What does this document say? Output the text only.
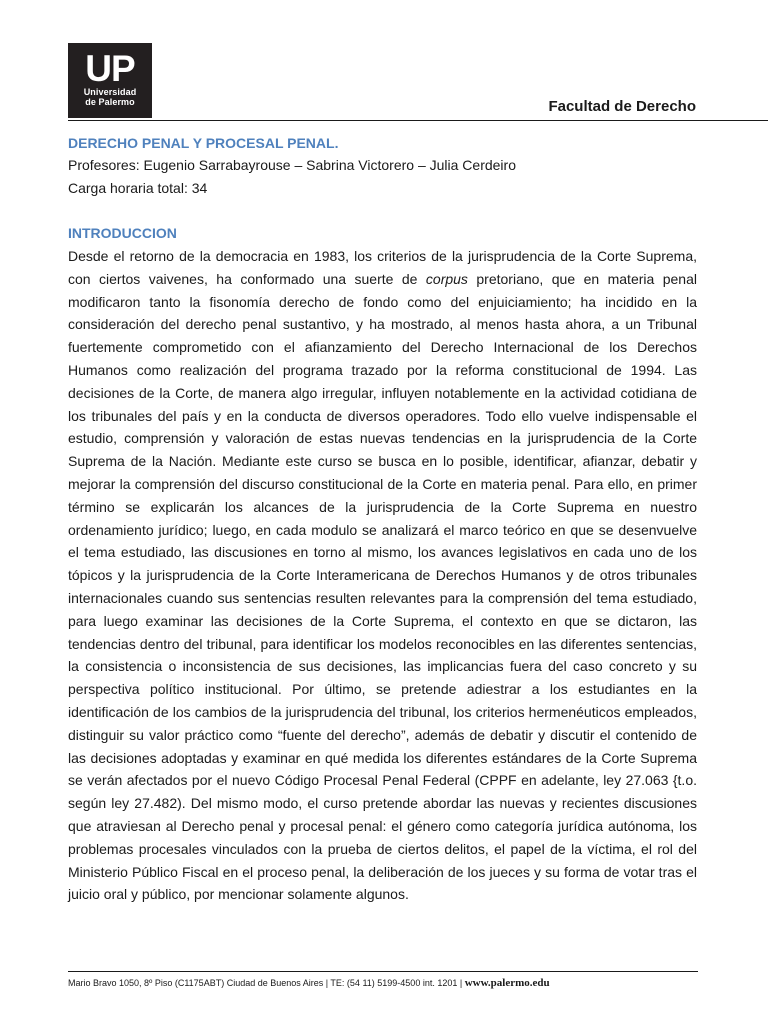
UP
Universidad
de Palermo	Facultad de Derecho
DERECHO PENAL Y PROCESAL PENAL.
Profesores: Eugenio Sarrabayrouse – Sabrina Victorero – Julia Cerdeiro
Carga horaria total: 34
INTRODUCCION

Desde el retorno de la democracia en 1983, los criterios de la jurisprudencia de la Corte Suprema, con ciertos vaivenes, ha conformado una suerte de corpus pretoriano, que en materia penal modificaron tanto la fisonomía derecho de fondo como del enjuiciamiento; ha incidido en la consideración del derecho penal sustantivo, y ha mostrado, al menos hasta ahora, a un Tribunal fuertemente comprometido con el afianzamiento del Derecho Internacional de los Derechos Humanos como realización del programa trazado por la reforma constitucional de 1994. Las decisiones de la Corte, de manera algo irregular, influyen notablemente en la actividad cotidiana de los tribunales del país y en la conducta de diversos operadores. Todo ello vuelve indispensable el estudio, comprensión y valoración de estas nuevas tendencias en la jurisprudencia de la Corte Suprema de la Nación. Mediante este curso se busca en lo posible, identificar, afianzar, debatir y mejorar la comprensión del discurso constitucional de la Corte en materia penal. Para ello, en primer término se explicarán los alcances de la jurisprudencia de la Corte Suprema en nuestro ordenamiento jurídico; luego, en cada modulo se analizará el marco teórico en que se desenvuelve el tema estudiado, las discusiones en torno al mismo, los avances legislativos en cada uno de los tópicos y la jurisprudencia de la Corte Interamericana de Derechos Humanos y de otros tribunales internacionales cuando sus sentencias resulten relevantes para la comprensión del tema estudiado, para luego examinar las decisiones de la Corte Suprema, el contexto en que se dictaron, las tendencias dentro del tribunal, para identificar los modelos reconocibles en las diferentes sentencias, la consistencia o inconsistencia de sus decisiones, las implicancias fuera del caso concreto y su perspectiva político institucional. Por último, se pretende adiestrar a los estudiantes en la identificación de los cambios de la jurisprudencia del tribunal, los criterios hermenéuticos empleados, distinguir su valor práctico como “fuente del derecho”, además de debatir y discutir el contenido de las decisiones adoptadas y examinar en qué medida los diferentes estándares de la Corte Suprema se verán afectados por el nuevo Código Procesal Penal Federal (CPPF en adelante, ley 27.063 {t.o. según ley 27.482). Del mismo modo, el curso pretende abordar las nuevas y recientes discusiones que atraviesan al Derecho penal y procesal penal: el género como categoría jurídica autónoma, los problemas procesales vinculados con la prueba de ciertos delitos, el papel de la víctima, el rol del Ministerio Público Fiscal en el proceso penal, la deliberación de los jueces y su forma de votar tras el juicio oral y público, por mencionar solamente algunos.

Mario Bravo 1050, 8º Piso (C1175ABT) Ciudad de Buenos Aires | TE: (54 11) 5199-4500 int. 1201 | www.palermo.edu
